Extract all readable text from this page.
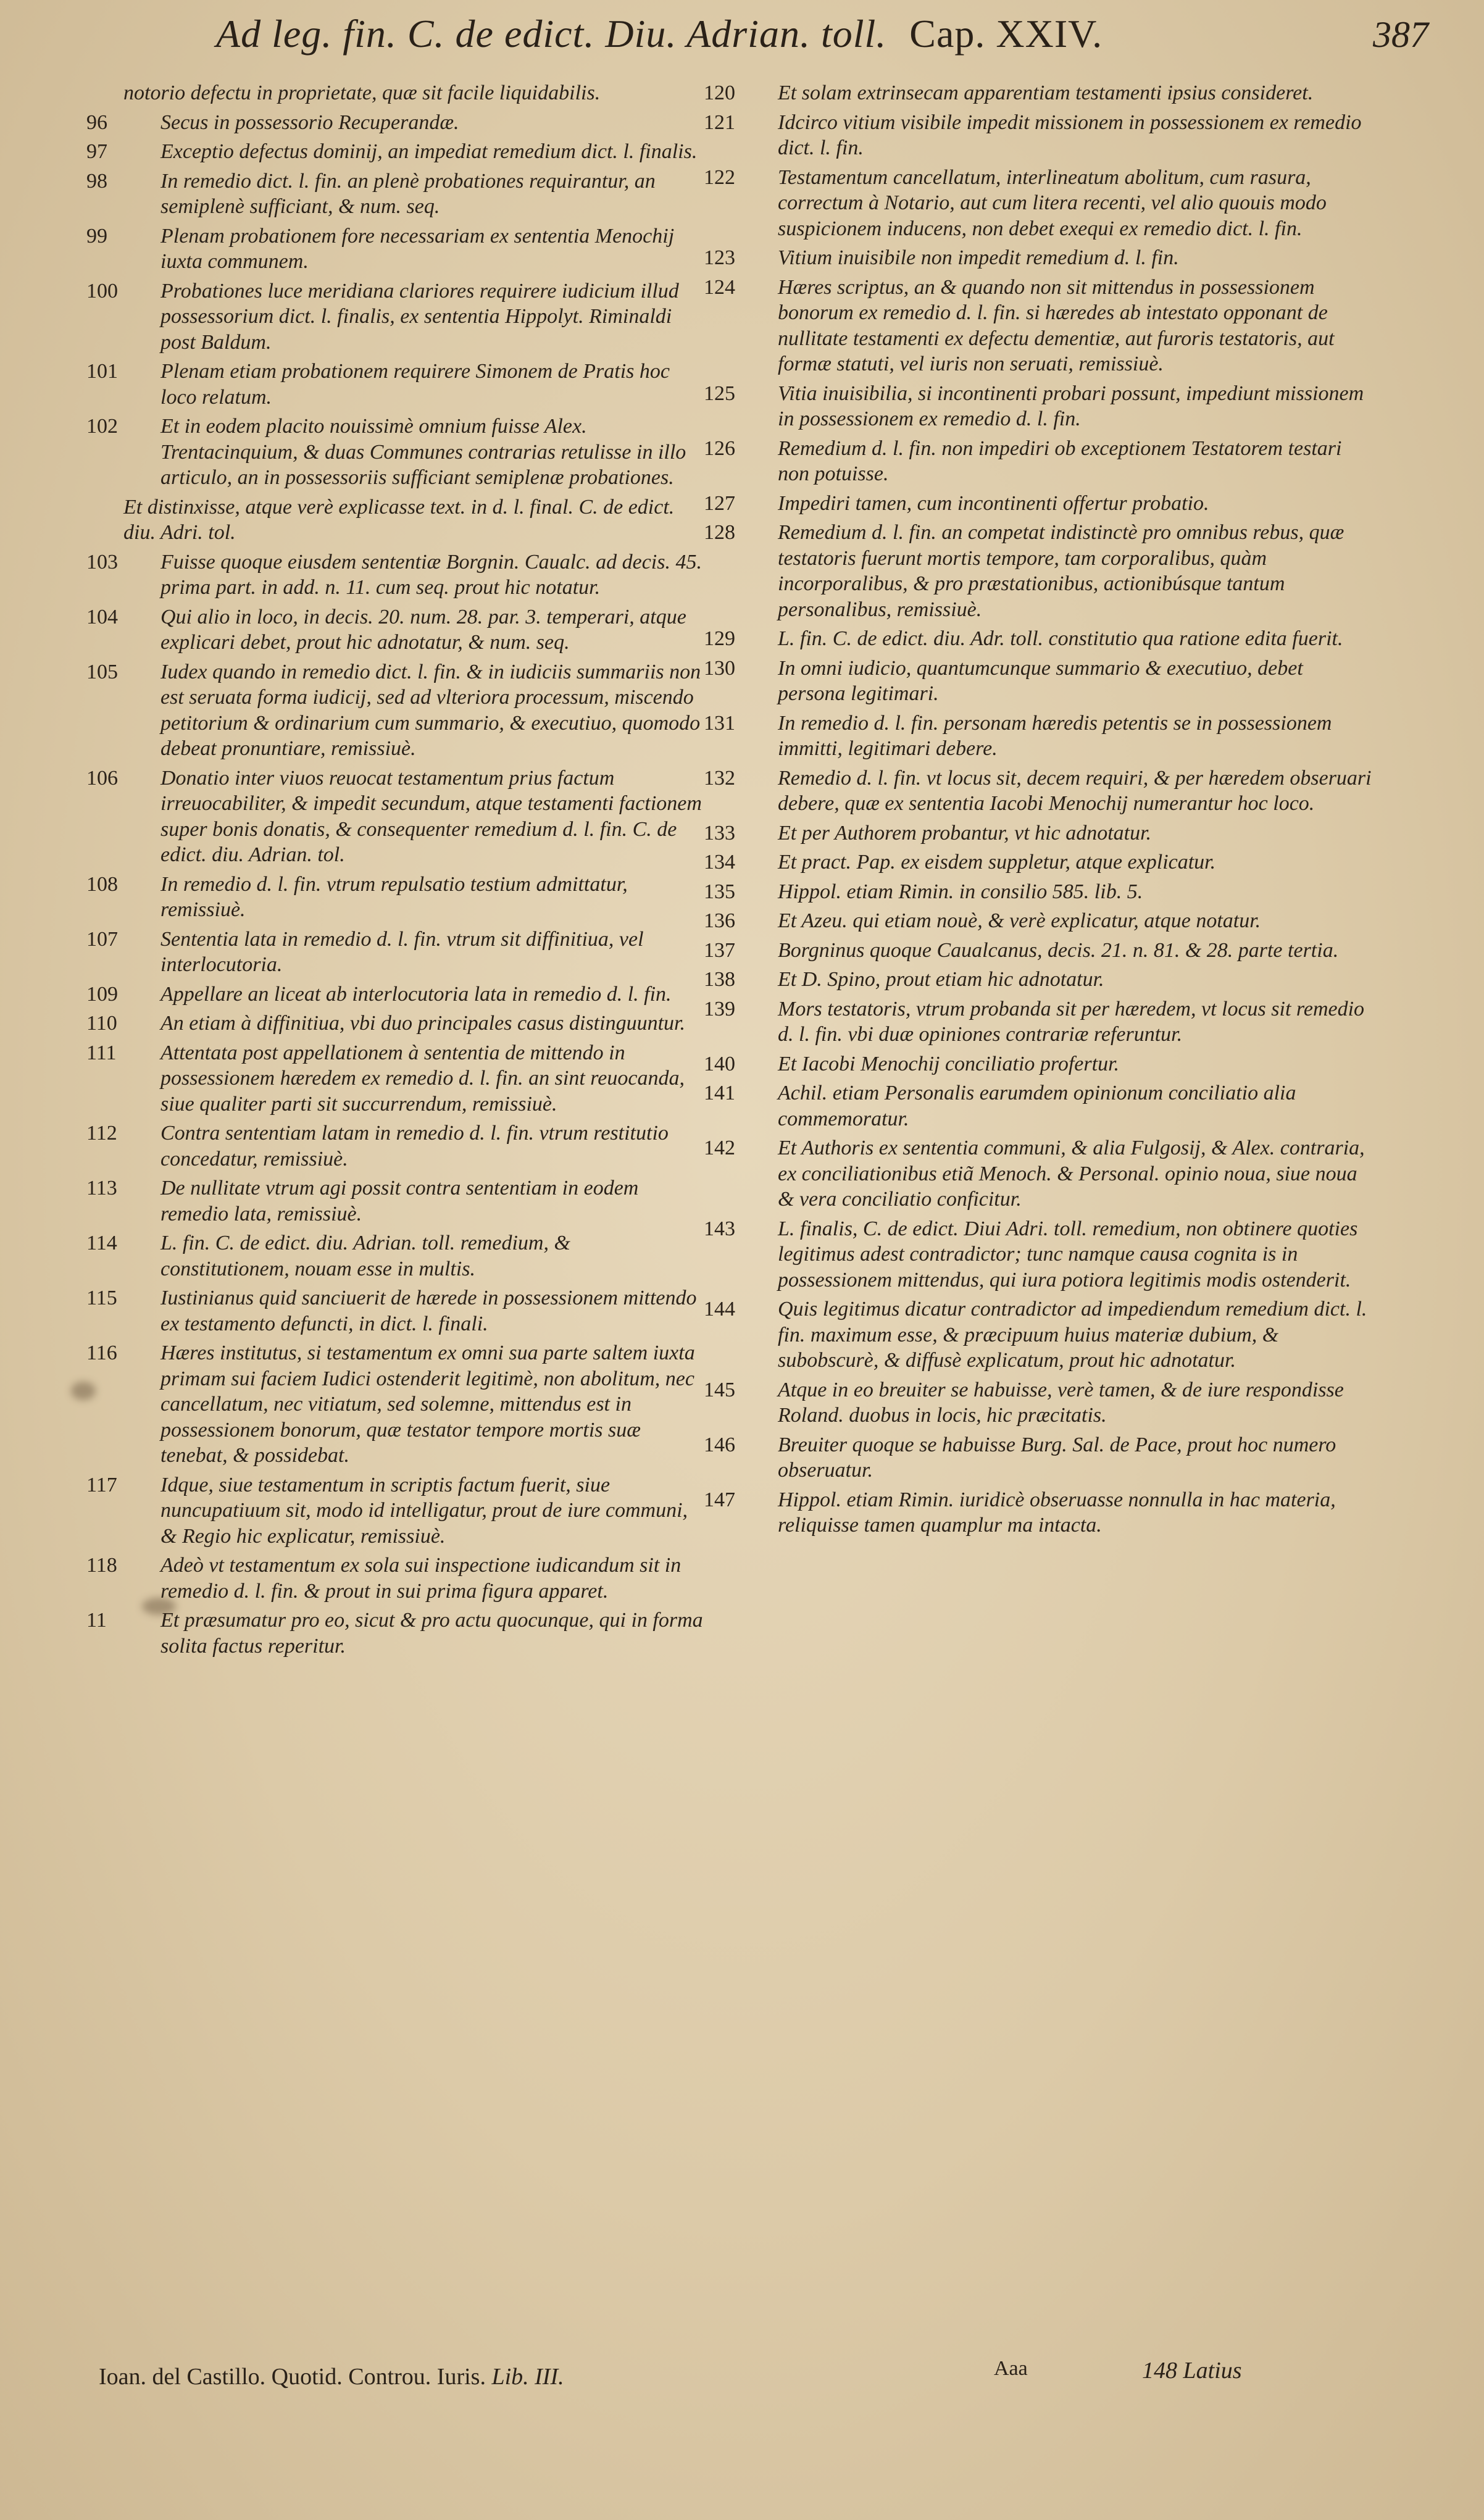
Ad leg. fin. C. de edict. Diu. Adrian. toll. Cap. XXIV.	387
notorio defectu in proprietate, quæ sit facile liquidabilis.
96	Secus in possessorio Recuperandæ.
97	Exceptio defectus dominij, an impediat remedium dict. l. finalis.
98	In remedio dict. l. fin. an plenè probationes requirantur, an semiplenè sufficiant, & num. seq.
99	Plenam probationem fore necessariam ex sententia Menochij iuxta communem.
100	Probationes luce meridiana clariores requirere iudicium illud possessorium dict. l. finalis, ex sententia Hippolyt. Riminaldi post Baldum.
101	Plenam etiam probationem requirere Simonem de Pratis hoc loco relatum.
102	Et in eodem placito nouissimè omnium fuisse Alex. Trentacinquium, & duas Communes contrarias retulisse in illo articulo, an in possessoriis sufficiant semiplenæ probationes.
Et distinxisse, atque verè explicasse text. in d. l. final. C. de edict. diu. Adri. tol.
103	Fuisse quoque eiusdem sententiæ Borgnin. Caualc. ad decis. 45. prima part. in add. n. 11. cum seq. prout hic notatur.
104	Qui alio in loco, in decis. 20. num. 28. par. 3. temperari, atque explicari debet, prout hic adnotatur, & num. seq.
105	Iudex quando in remedio dict. l. fin. & in iudiciis summariis non est seruata forma iudicij, sed ad vlteriora processum, miscendo petitorium & ordinarium cum summario, & executiuo, quomodo debeat pronuntiare, remissiuè.
106	Donatio inter viuos reuocat testamentum prius factum irreuocabiliter, & impedit secundum, atque testamenti factionem super bonis donatis, & consequenter remedium d. l. fin. C. de edict. diu. Adrian. tol.
108	In remedio d. l. fin. vtrum repulsatio testium admittatur, remissiuè.
107	Sententia lata in remedio d. l. fin. vtrum sit diffinitiua, vel interlocutoria.
109	Appellare an liceat ab interlocutoria lata in remedio d. l. fin.
110	An etiam à diffinitiua, vbi duo principales casus distinguuntur.
111	Attentata post appellationem à sententia de mittendo in possessionem hæredem ex remedio d. l. fin. an sint reuocanda, siue qualiter parti sit succurrendum, remissiuè.
112	Contra sententiam latam in remedio d. l. fin. vtrum restitutio concedatur, remissiuè.
113	De nullitate vtrum agi possit contra sententiam in eodem remedio lata, remissiuè.
114	L. fin. C. de edict. diu. Adrian. toll. remedium, & constitutionem, nouam esse in multis.
115	Iustinianus quid sanciuerit de hærede in possessionem mittendo ex testamento defuncti, in dict. l. finali.
116	Hæres institutus, si testamentum ex omni sua parte saltem iuxta primam sui faciem Iudici ostenderit legitimè, non abolitum, nec cancellatum, nec vitiatum, sed solemne, mittendus est in possessionem bonorum, quæ testator tempore mortis suæ tenebat, & possidebat.
117	Idque, siue testamentum in scriptis factum fuerit, siue nuncupatiuum sit, modo id intelligatur, prout de iure communi, & Regio hic explicatur, remissiuè.
118	Adeò vt testamentum ex sola sui inspectione iudicandum sit in remedio d. l. fin. & prout in sui prima figura apparet.
11	Et præsumatur pro eo, sicut & pro actu quocunque, qui in forma solita factus reperitur.
120	Et solam extrinsecam apparentiam testamenti ipsius consideret.
121	Idcirco vitium visibile impedit missionem in possessionem ex remedio dict. l. fin.
122	Testamentum cancellatum, interlineatum abolitum, cum rasura, correctum à Notario, aut cum litera recenti, vel alio quouis modo suspicionem inducens, non debet exequi ex remedio dict. l. fin.
123	Vitium inuisibile non impedit remedium d. l. fin.
124	Hæres scriptus, an & quando non sit mittendus in possessionem bonorum ex remedio d. l. fin. si hæredes ab intestato opponant de nullitate testamenti ex defectu dementiæ, aut furoris testatoris, aut formæ statuti, vel iuris non seruati, remissiuè.
125	Vitia inuisibilia, si incontinenti probari possunt, impediunt missionem in possessionem ex remedio d. l. fin.
126	Remedium d. l. fin. non impediri ob exceptionem Testatorem testari non potuisse.
127	Impediri tamen, cum incontinenti offertur probatio.
128	Remedium d. l. fin. an competat indistinctè pro omnibus rebus, quæ testatoris fuerunt mortis tempore, tam corporalibus, quàm incorporalibus, & pro præstationibus, actionibúsque tantum personalibus, remissiuè.
129	L. fin. C. de edict. diu. Adr. toll. constitutio qua ratione edita fuerit.
130	In omni iudicio, quantumcunque summario & executiuo, debet persona legitimari.
131	In remedio d. l. fin. personam hæredis petentis se in possessionem immitti, legitimari debere.
132	Remedio d. l. fin. vt locus sit, decem requiri, & per hæredem obseruari debere, quæ ex sententia Iacobi Menochij numerantur hoc loco.
133	Et per Authorem probantur, vt hic adnotatur.
134	Et pract. Pap. ex eisdem suppletur, atque explicatur.
135	Hippol. etiam Rimin. in consilio 585. lib. 5.
136	Et Azeu. qui etiam nouè, & verè explicatur, atque notatur.
137	Borgninus quoque Caualcanus, decis. 21. n. 81. & 28. parte tertia.
138	Et D. Spino, prout etiam hic adnotatur.
139	Mors testatoris, vtrum probanda sit per hæredem, vt locus sit remedio d. l. fin. vbi duæ opiniones contrariæ referuntur.
140	Et Iacobi Menochij conciliatio profertur.
141	Achil. etiam Personalis earumdem opinionum conciliatio alia commemoratur.
142	Et Authoris ex sententia communi, & alia Fulgosij, & Alex. contraria, ex conciliationibus etiã Menoch. & Personal. opinio noua, siue noua & vera conciliatio conficitur.
143	L. finalis, C. de edict. Diui Adri. toll. remedium, non obtinere quoties legitimus adest contradictor; tunc namque causa cognita is in possessionem mittendus, qui iura potiora legitimis modis ostenderit.
144	Quis legitimus dicatur contradictor ad impediendum remedium dict. l. fin. maximum esse, & præcipuum huius materiæ dubium, & subobscurè, & diffusè explicatum, prout hic adnotatur.
145	Atque in eo breuiter se habuisse, verè tamen, & de iure respondisse Roland. duobus in locis, hic præcitatis.
146	Breuiter quoque se habuisse Burg. Sal. de Pace, prout hoc numero obseruatur.
147	Hippol. etiam Rimin. iuridicè obseruasse nonnulla in hac materia, reliquisse tamen quamplur ma intacta.
Ioan. del Castillo. Quotid. Controu. Iuris. Lib. III.	Aaa	148 Latius
